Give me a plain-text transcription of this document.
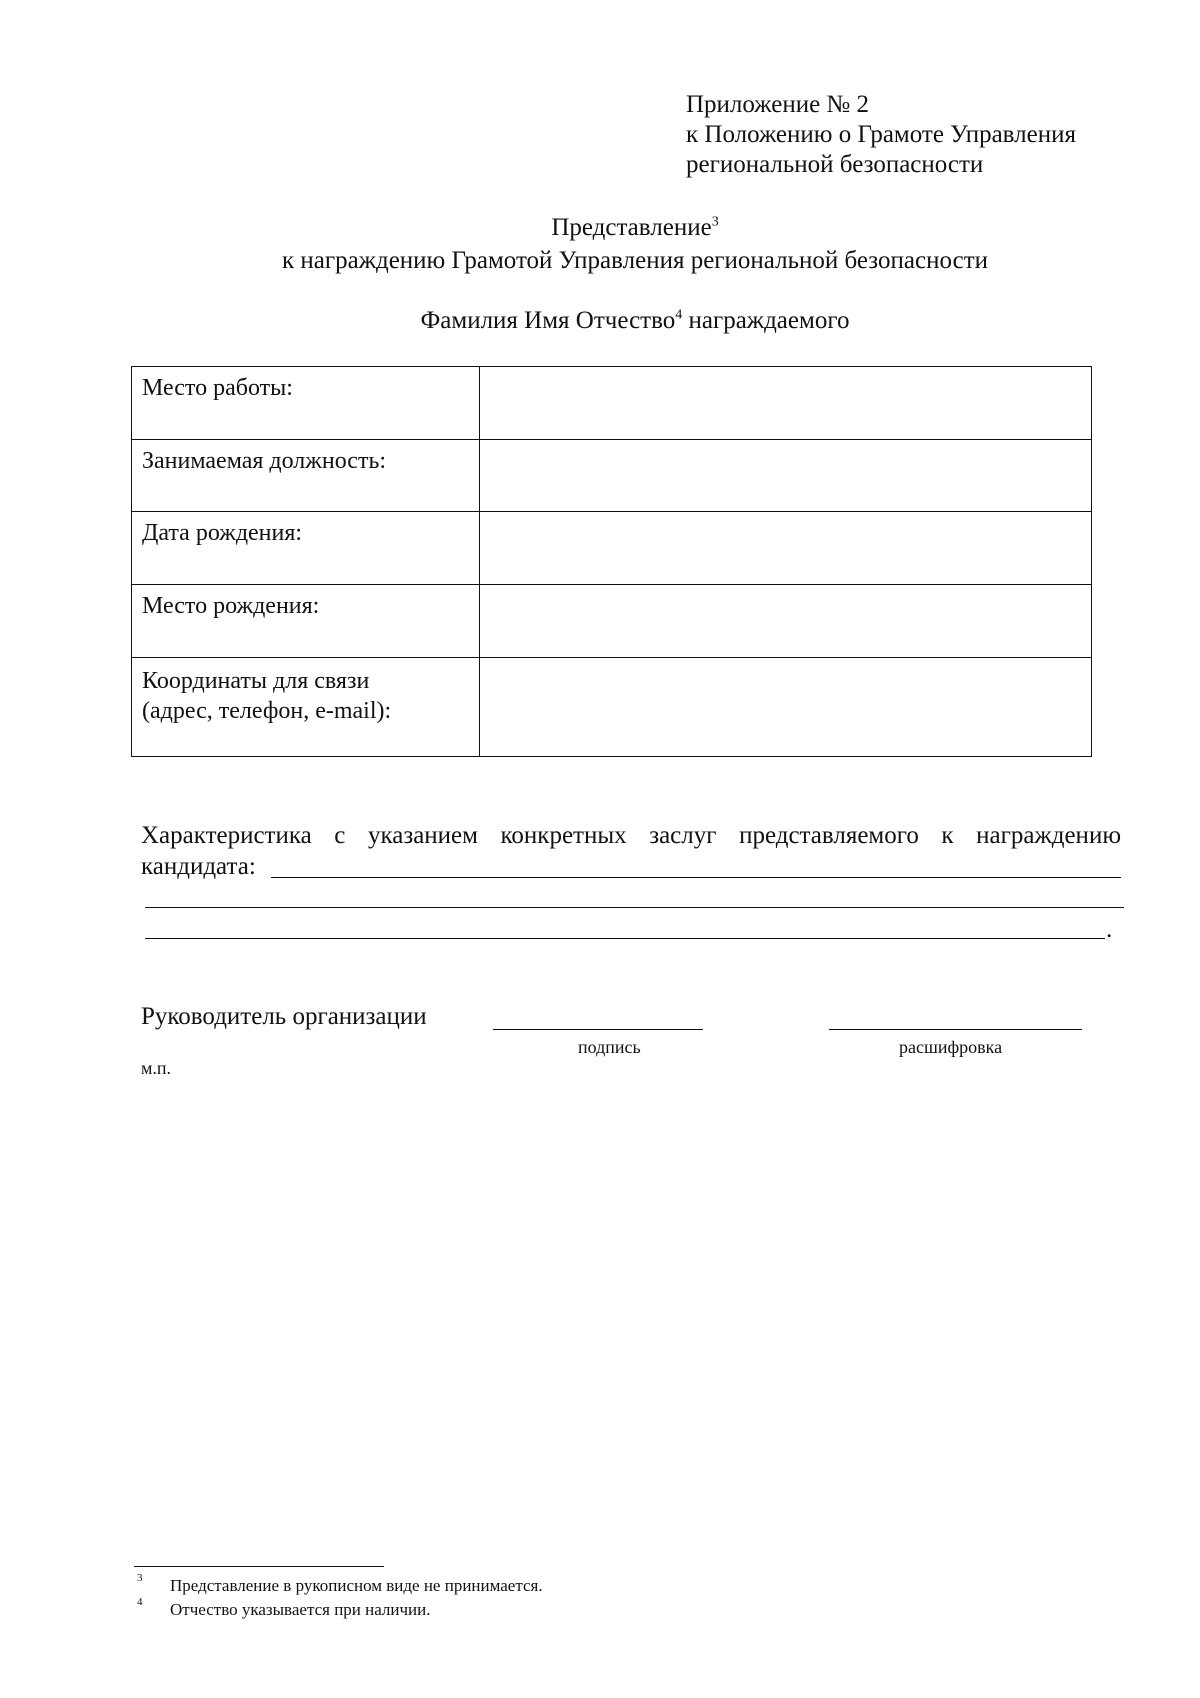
Приложение № 2
к Положению о Грамоте Управления
региональной безопасности
Представление$^3$
к награждению Грамотой Управления региональной безопасности
Фамилия Имя Отчество$^4$ награждаемого
Место работы:	
Занимаемая должность:	
Дата рождения:	
Место рождения:	

Координаты для связи
(адрес, телефон, e-mail):	

Характеристика с указанием конкретных заслуг представляемого к награждению
кандидата:
.
Руководитель организации
подпись	расшифровка
м.п.
3 Представление в рукописном виде не принимается.
4 Отчество указывается при наличии.
